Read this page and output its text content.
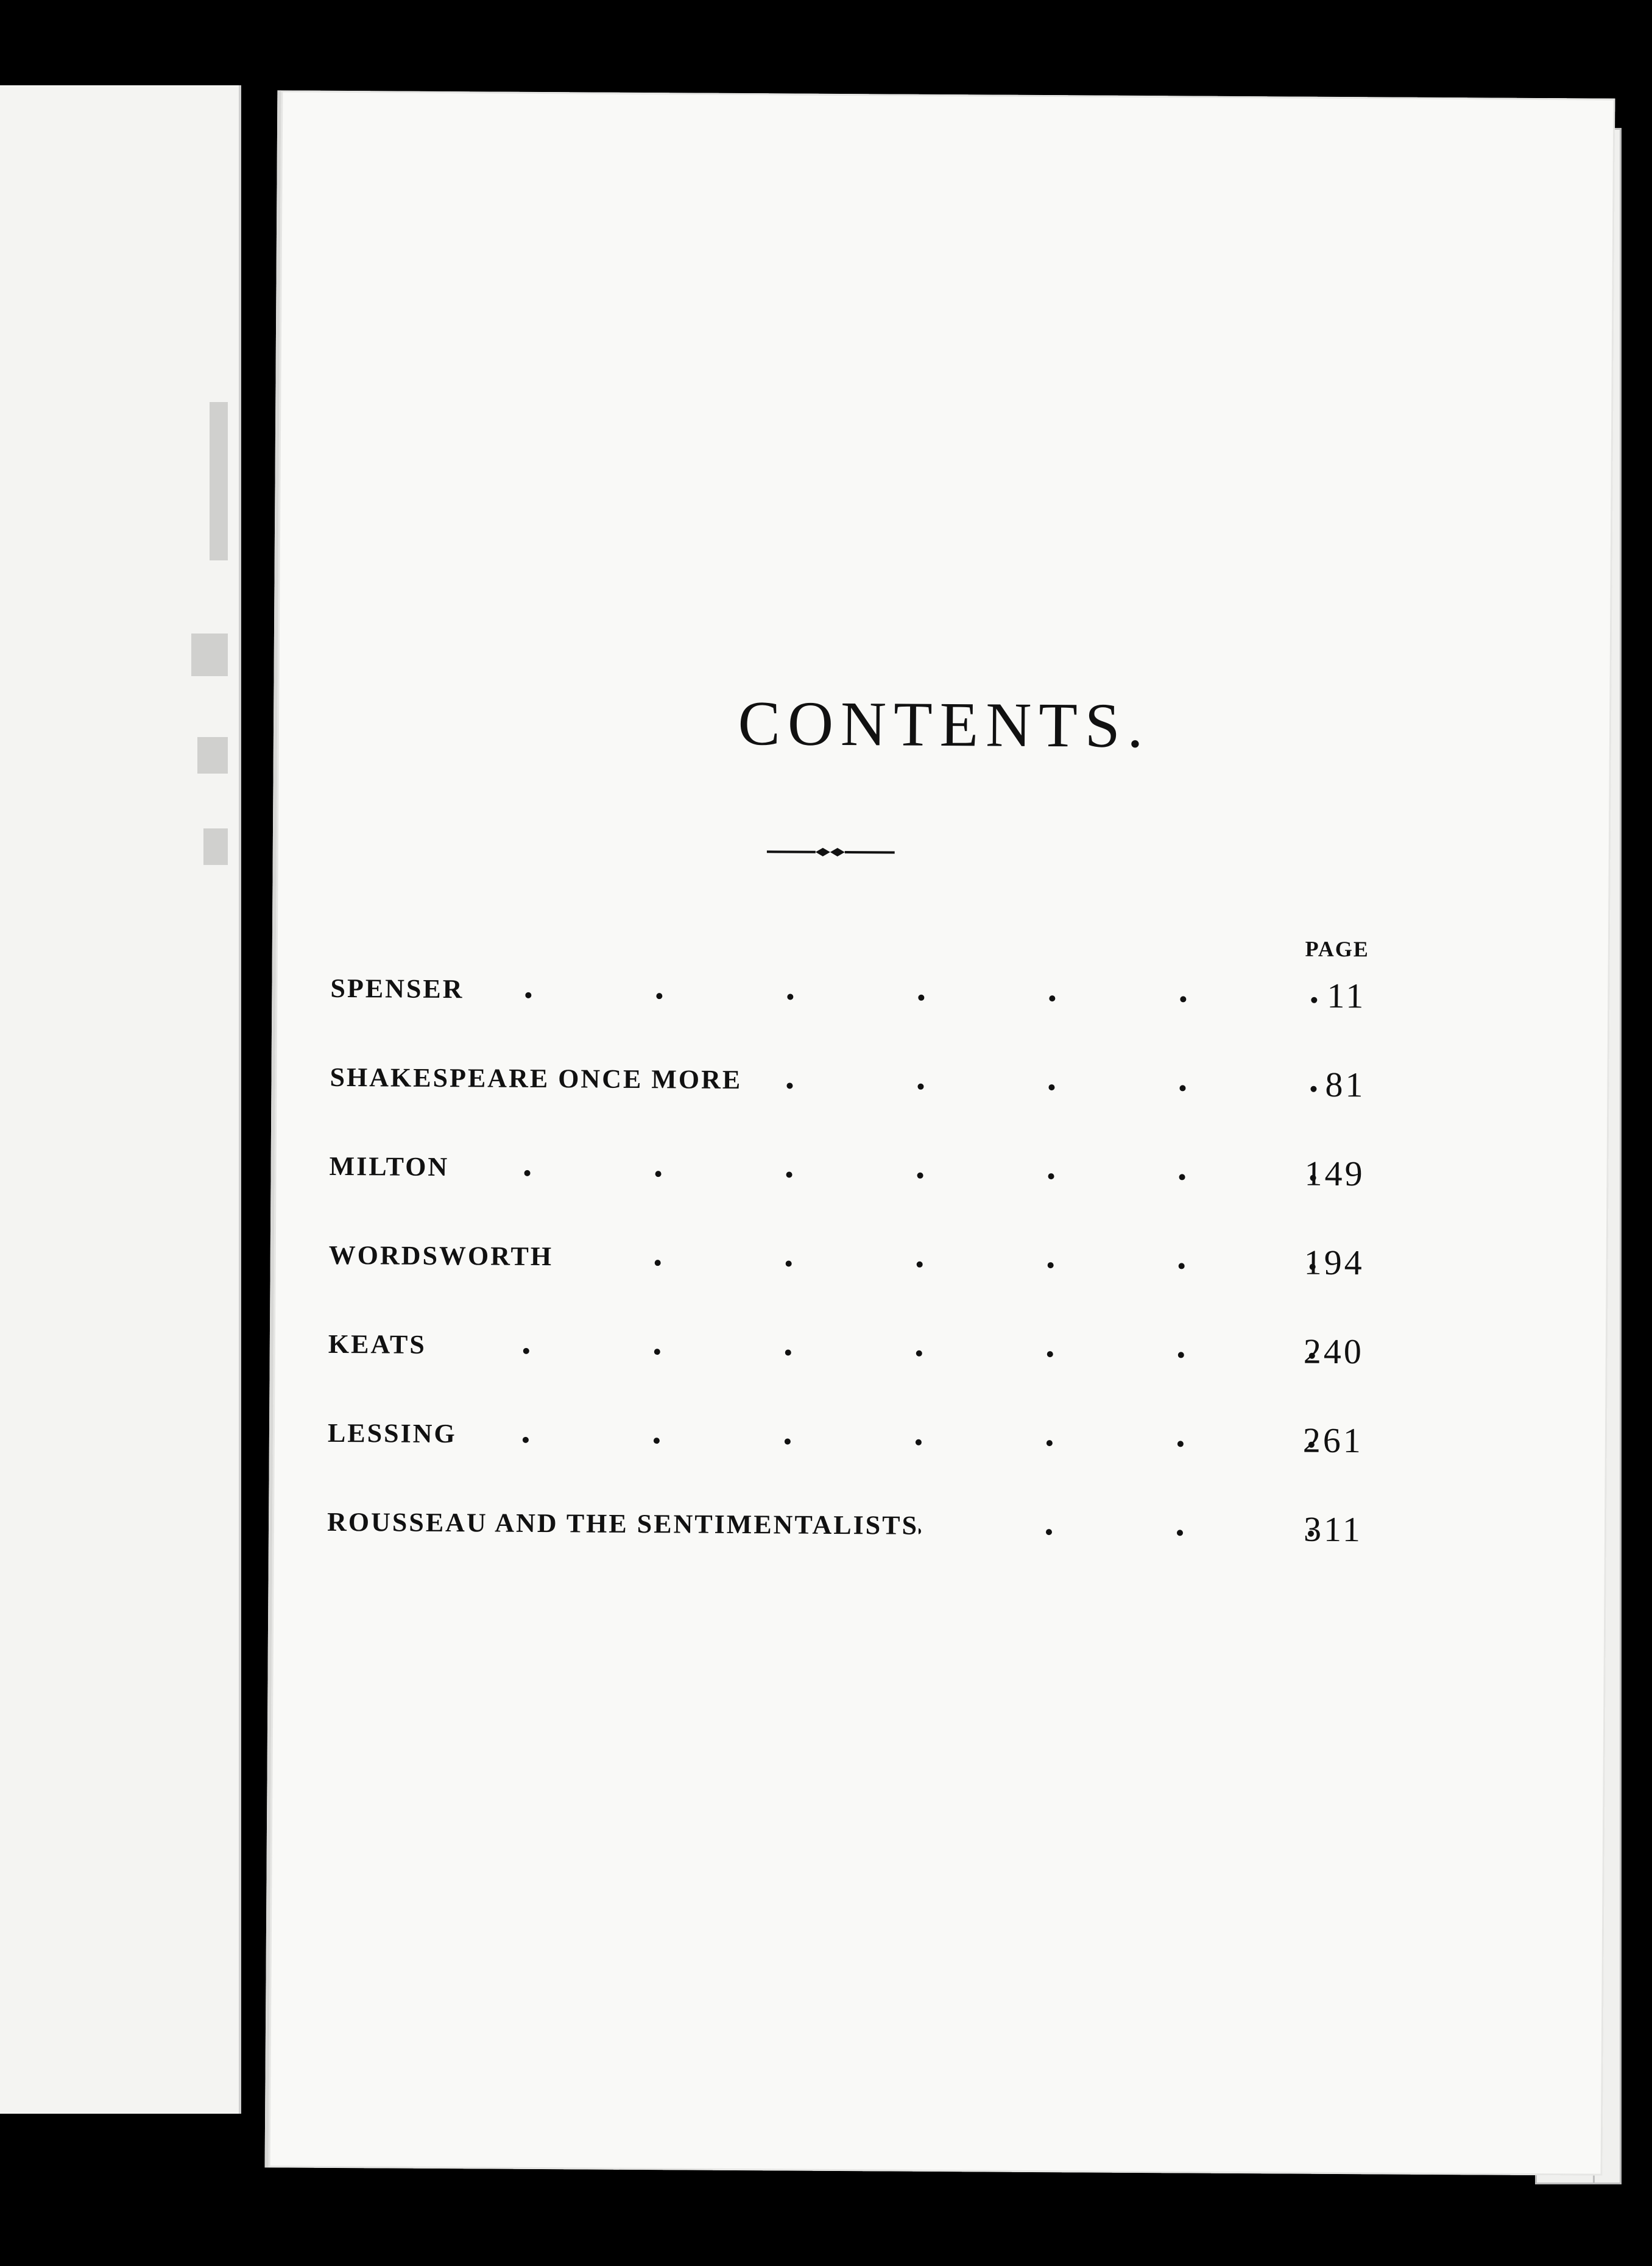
CONTENTS.
PAGE
SPENSER	11
SHAKESPEARE ONCE MORE	81
MILTON	149
WORDSWORTH	194
KEATS	240
LESSING	261
ROUSSEAU AND THE SENTIMENTALISTS	311
